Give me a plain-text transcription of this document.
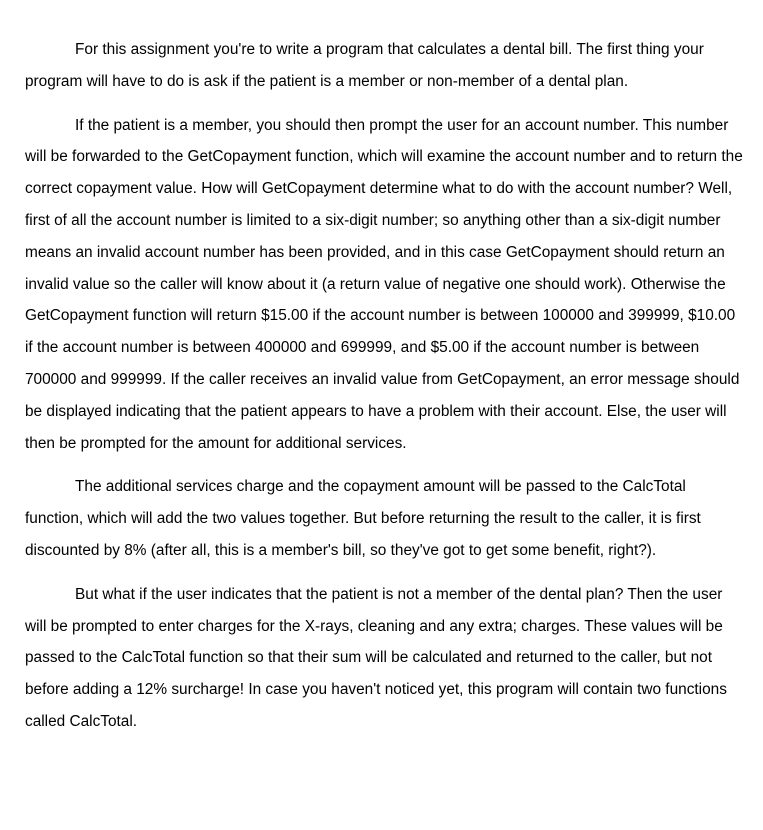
For this assignment you're to write a program that calculates a dental bill. The first thing your program will have to do is ask if the patient is a member or non-member of a dental plan.

If the patient is a member, you should then prompt the user for an account number. This number will be forwarded to the GetCopayment function, which will examine the account number and to return the correct copayment value. How will GetCopayment determine what to do with the account number? Well, first of all the account number is limited to a six-digit number; so anything other than a six-digit number means an invalid account number has been provided, and in this case GetCopayment should return an invalid value so the caller will know about it (a return value of negative one should work). Otherwise the GetCopayment function will return $15.00 if the account number is between 100000 and 399999, $10.00 if the account number is between 400000 and 699999, and $5.00 if the account number is between 700000 and 999999. If the caller receives an invalid value from GetCopayment, an error message should be displayed indicating that the patient appears to have a problem with their account. Else, the user will then be prompted for the amount for additional services.

The additional services charge and the copayment amount will be passed to the CalcTotal function, which will add the two values together. But before returning the result to the caller, it is first discounted by 8% (after all, this is a member's bill, so they've got to get some benefit, right?).

But what if the user indicates that the patient is not a member of the dental plan? Then the user will be prompted to enter charges for the X-rays, cleaning and any extra; charges. These values will be passed to the CalcTotal function so that their sum will be calculated and returned to the caller, but not before adding a 12% surcharge! In case you haven't noticed yet, this program will contain two functions called CalcTotal.
